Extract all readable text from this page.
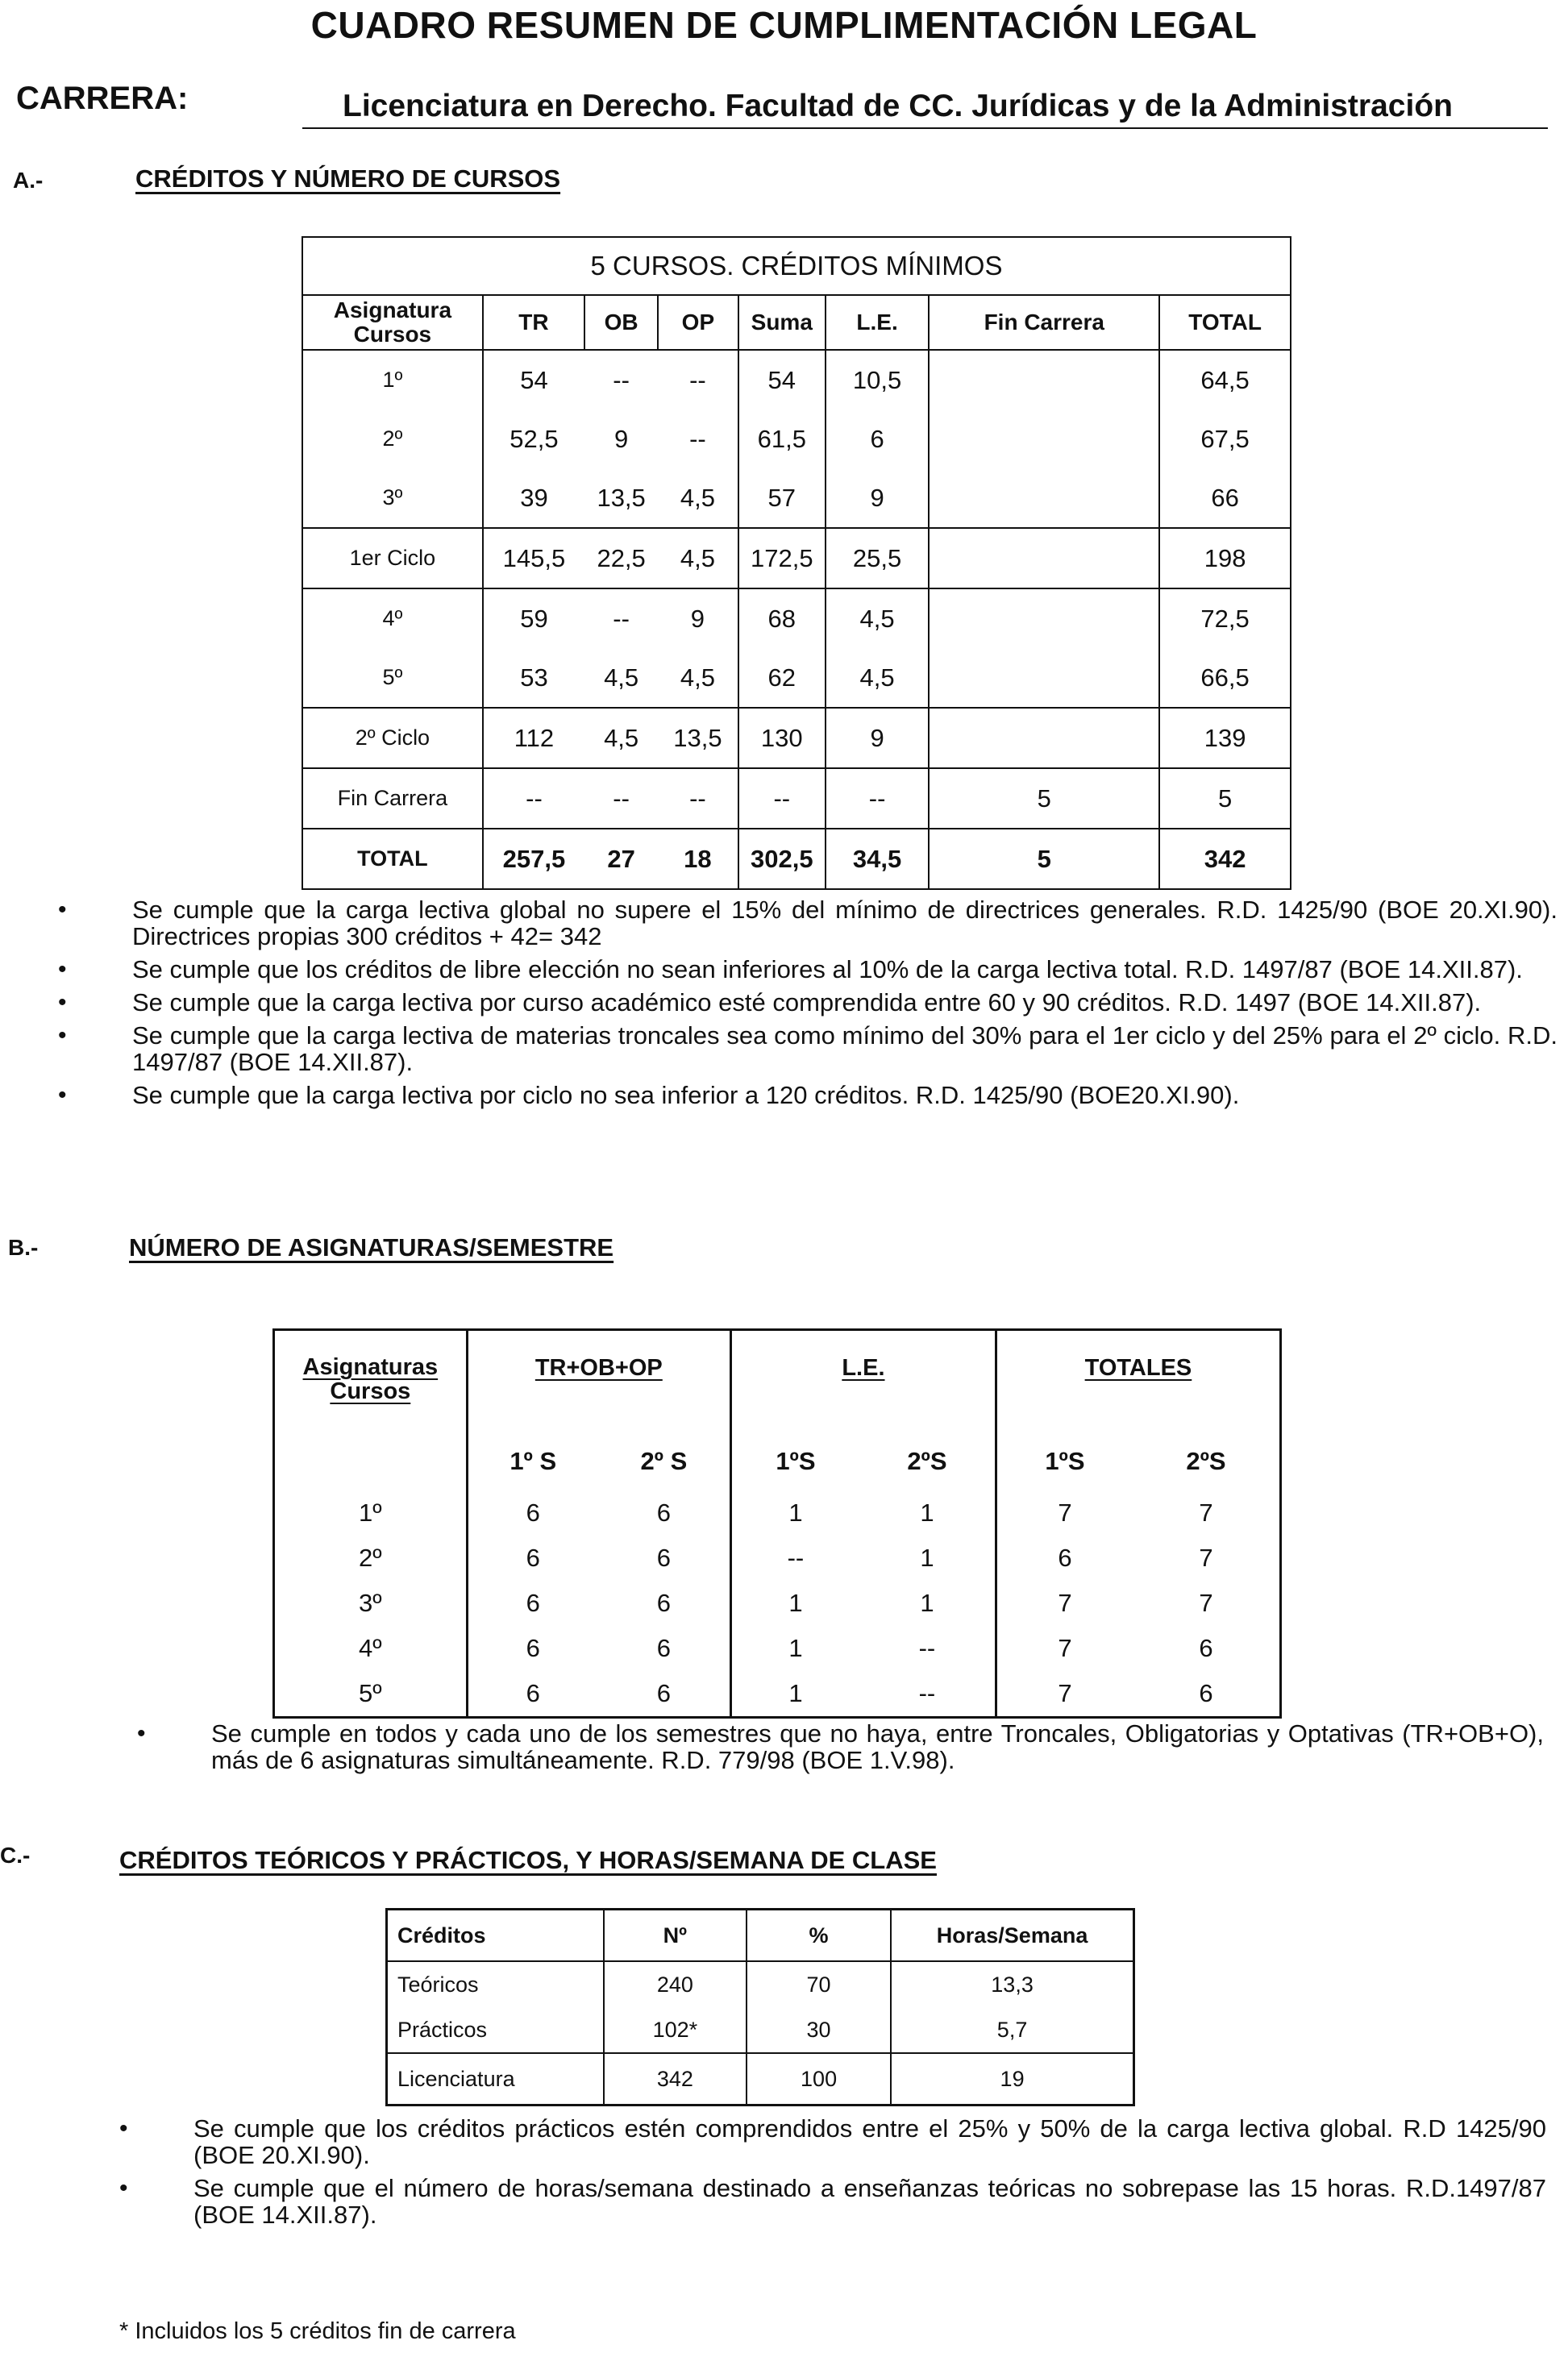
CUADRO RESUMEN DE CUMPLIMENTACIÓN LEGAL
CARRERA:	Licenciatura en Derecho. Facultad de CC. Jurídicas y de la Administración
A.-	CRÉDITOS Y NÚMERO DE CURSOS
5 CURSOS. CRÉDITOS MÍNIMOS							

Asignatura
Cursos	TR	OB	OP	Suma	L.E.	Fin Carrera	TOTAL
1º	54	--	--	54	10,5		64,5
2º	52,5	9	--	61,5	6		67,5
3º	39	13,5	4,5	57	9		66
1er Ciclo	145,5	22,5	4,5	172,5	25,5		198
4º	59	--	9	68	4,5		72,5
5º	53	4,5	4,5	62	4,5		66,5
2º Ciclo	112	4,5	13,5	130	9		139
Fin Carrera	--	--	--	--	--	5	5
TOTAL	257,5	27	18	302,5	34,5	5	342
• Se cumple que la carga lectiva global no supere el 15% del mínimo de directrices generales. R.D. 1425/90 (BOE 20.XI.90). Directrices propias 300 créditos + 42= 342
• Se cumple que los créditos de libre elección no sean inferiores al 10% de la carga lectiva total. R.D. 1497/87 (BOE 14.XII.87).
• Se cumple que la carga lectiva por curso académico esté comprendida entre 60 y 90 créditos. R.D. 1497 (BOE 14.XII.87).
• Se cumple que la carga lectiva de materias troncales sea como mínimo del 30% para el 1er ciclo y del 25% para el 2º ciclo. R.D. 1497/87 (BOE 14.XII.87).
• Se cumple que la carga lectiva por ciclo no sea inferior a 120 créditos. R.D. 1425/90 (BOE20.XI.90).
B.-	NÚMERO DE ASIGNATURAS/SEMESTRE
Asignaturas
Cursos	TR+OB+OP		L.E.		TOTALES	
	1º S	2º S	1ºS	2ºS	1ºS	2ºS
1º	6	6	1	1	7	7
2º	6	6	--	1	6	7
3º	6	6	1	1	7	7
4º	6	6	1	--	7	6
5º	6	6	1	--	7	6
• Se cumple en todos y cada uno de los semestres que no haya, entre Troncales, Obligatorias y Optativas (TR+OB+O), más de 6 asignaturas simultáneamente. R.D. 779/98 (BOE 1.V.98).
C.-	CRÉDITOS TEÓRICOS Y PRÁCTICOS, Y HORAS/SEMANA DE CLASE
Créditos	Nº	%	Horas/Semana
Teóricos	240	70	13,3
Prácticos	102*	30	5,7
Licenciatura	342	100	19
• Se cumple que los créditos prácticos estén comprendidos entre el 25% y 50% de la carga lectiva global. R.D 1425/90 (BOE 20.XI.90).
• Se cumple que el número de horas/semana destinado a enseñanzas teóricas no sobrepase las 15 horas. R.D.1497/87 (BOE 14.XII.87).
* Incluidos los 5 créditos fin de carrera
